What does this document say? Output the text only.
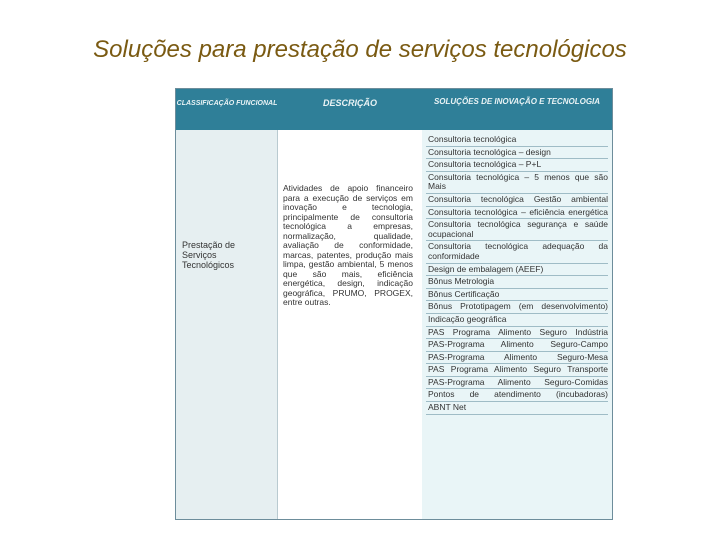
Soluções para prestação de serviços tecnológicos
CLASSIFICAÇÃO FUNCIONAL	DESCRIÇÃO	SOLUÇÕES DE INOVAÇÃO E TECNOLOGIA
Prestação de Serviços Tecnológicos
Atividades de apoio financeiro para a execução de serviços em inovação e tecnologia, principalmente de consultoria tecnológica a empresas, normalização, qualidade, avaliação de conformidade, marcas, patentes, produção mais limpa, gestão ambiental, 5 menos que são mais, eficiência energética, design, indicação geográfica, PRUMO, PROGEX, entre outras.
Consultoria tecnológica
Consultoria tecnológica – design
Consultoria tecnológica – P+L
Consultoria tecnológica – 5 menos que são Mais
Consultoria tecnológica Gestão ambiental
Consultoria tecnológica – eficiência energética
Consultoria tecnológica segurança e saúde ocupacional
Consultoria tecnológica adequação da conformidade
Design de embalagem (AEEF)
Bônus Metrologia
Bônus Certificação
Bônus Prototipagem (em desenvolvimento)
Indicação geográfica
PAS Programa Alimento Seguro Indústria
PAS-Programa Alimento Seguro-Campo
PAS-Programa Alimento Seguro-Mesa
PAS Programa Alimento Seguro Transporte
PAS-Programa Alimento Seguro-Comidas
Pontos de atendimento (incubadoras)
ABNT Net
